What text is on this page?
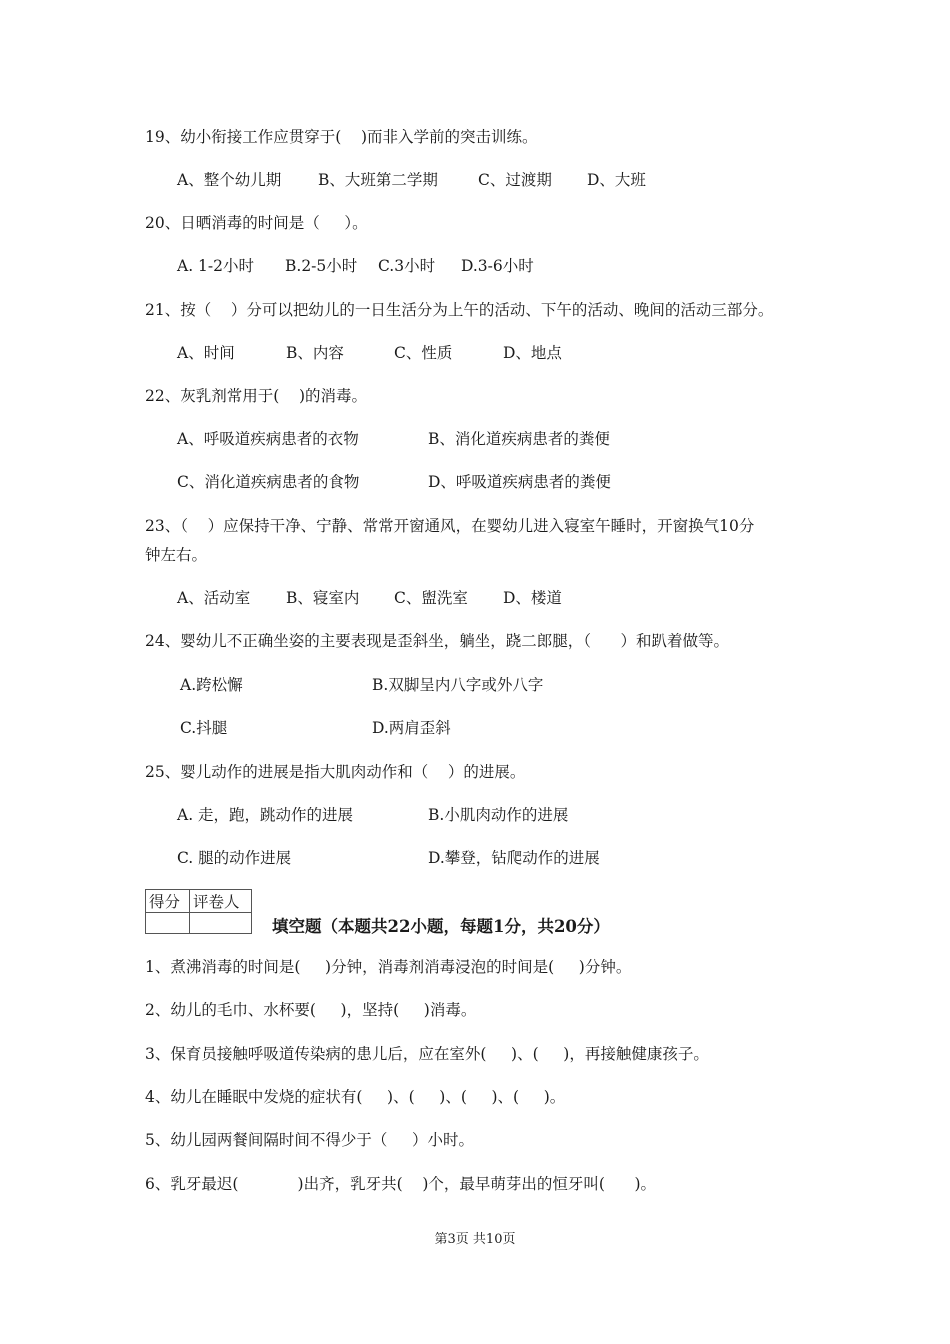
19、幼小衔接工作应贯穿于(    )而非入学前的突击训练。
A、整个幼儿期 B、大班第二学期	C、过渡期 D、大班
20、日晒消毒的时间是（     ）。
A. 1-2小时 B.2-5小时 C.3小时 D.3-6小时
21、按（    ）分可以把幼儿的一日生活分为上午的活动、下午的活动、晚间的活动三部分。
A、时间	B、内容	C、性质	D、地点
22、灰乳剂常用于(    )的消毒。
A、呼吸道疾病患者的衣物	B、消化道疾病患者的粪便
C、消化道疾病患者的食物	D、呼吸道疾病患者的粪便
23、（    ）应保持干净、宁静、常常开窗通风，在婴幼儿进入寝室午睡时，开窗换气10分
钟左右。
A、活动室 B、寝室内 C、盥洗室 D、楼道
24、婴幼儿不正确坐姿的主要表现是歪斜坐，躺坐，跷二郎腿，（      ）和趴着做等。
A.跨松懈	B.双脚呈内八字或外八字
C.抖腿	D.两肩歪斜
25、婴儿动作的进展是指大肌肉动作和（    ）的进展。
A. 走，跑，跳动作的进展	B.小肌肉动作的进展
C. 腿的动作进展	D.攀登，钻爬动作的进展
得分	评卷人

填空题（本题共22小题，每题1分，共20分）
1、煮沸消毒的时间是(     )分钟，消毒剂消毒浸泡的时间是(     )分钟。
2、幼儿的毛巾、水杯要(     )，坚持(     )消毒。
3、保育员接触呼吸道传染病的患儿后，应在室外(     )、(     )，再接触健康孩子。
4、幼儿在睡眠中发烧的症状有(     )、(     )、(     )、(     )。
5、幼儿园两餐间隔时间不得少于（     ）小时。
6、乳牙最迟(            )出齐，乳牙共(    )个，最早萌芽出的恒牙叫(      )。
第3页 共10页
